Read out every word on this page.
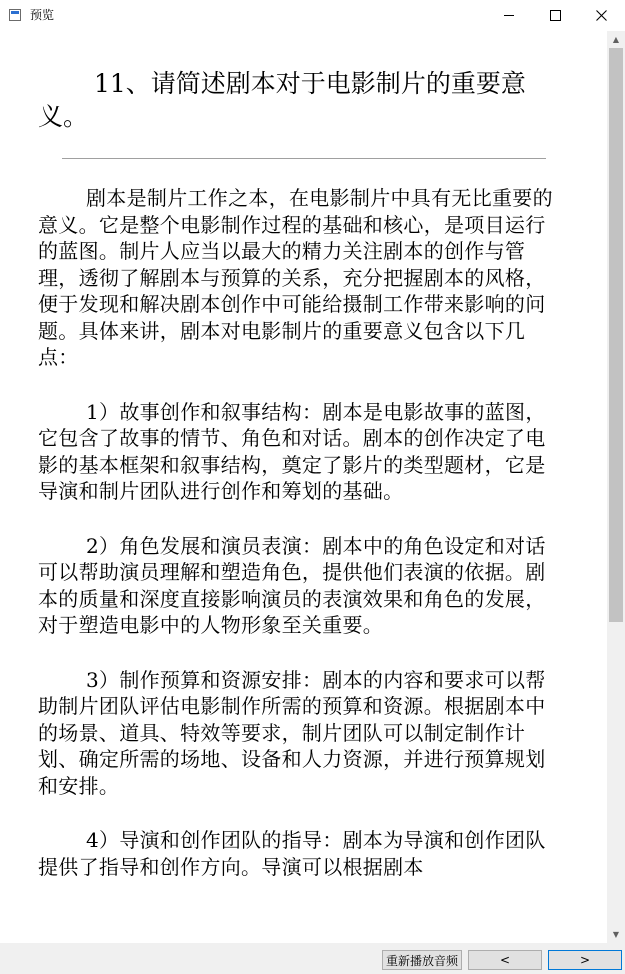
预览
11、请简述剧本对于电影制片的重要意义。

剧本是制片工作之本，在电影制片中具有无比重要的意义。它是整个电影制作过程的基础和核心，是项目运行的蓝图。制片人应当以最大的精力关注剧本的创作与管理，透彻了解剧本与预算的关系，充分把握剧本的风格，便于发现和解决剧本创作中可能给摄制工作带来影响的问题。具体来讲，剧本对电影制片的重要意义包含以下几点：

1）故事创作和叙事结构：剧本是电影故事的蓝图，它包含了故事的情节、角色和对话。剧本的创作决定了电影的基本框架和叙事结构，奠定了影片的类型题材，它是导演和制片团队进行创作和筹划的基础。

2）角色发展和演员表演：剧本中的角色设定和对话可以帮助演员理解和塑造角色，提供他们表演的依据。剧本的质量和深度直接影响演员的表演效果和角色的发展，对于塑造电影中的人物形象至关重要。

3）制作预算和资源安排：剧本的内容和要求可以帮助制片团队评估电影制作所需的预算和资源。根据剧本中的场景、道具、特效等要求，制片团队可以制定制作计划、确定所需的场地、设备和人力资源，并进行预算规划和安排。

4）导演和创作团队的指导：剧本为导演和创作团队提供了指导和创作方向。导演可以根据剧本

▲
▼
重新播放音频	<	>
